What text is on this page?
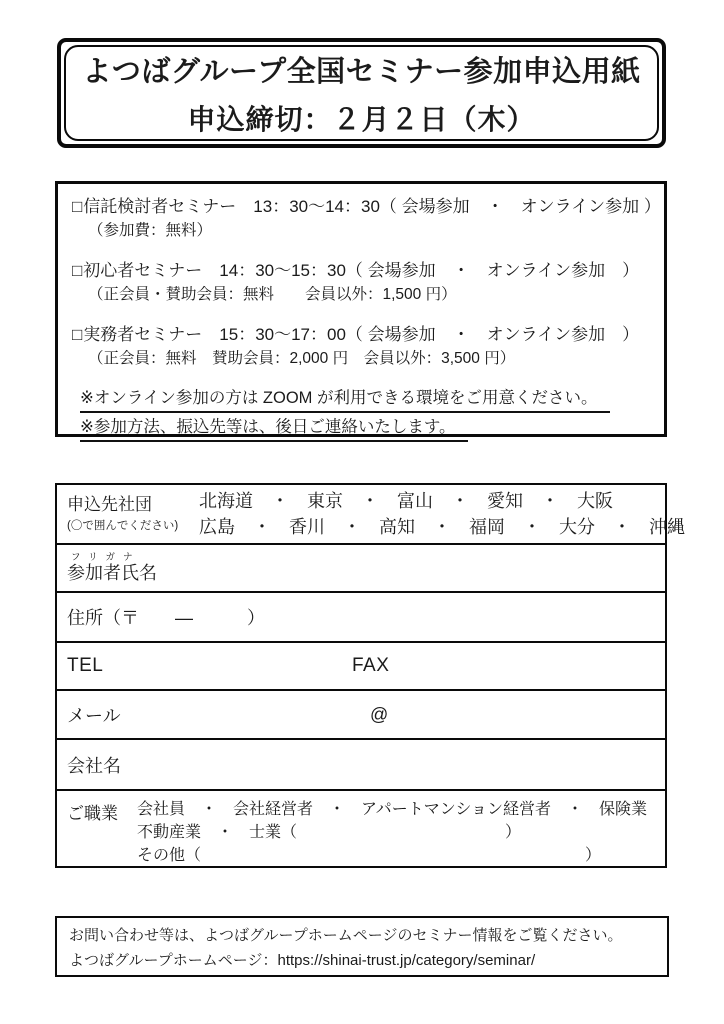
よつばグループ全国セミナー参加申込用紙
申込締切：２月２日（木）
□信託検討者セミナー　13：30～14：30（ 会場参加　・　オンライン参加 ）
（参加費：無料）
□初心者セミナー　14：30～15：30（ 会場参加　・　オンライン参加　）
（正会員・賛助会員：無料　　会員以外：1,500 円）
□実務者セミナー　15：30～17：00（ 会場参加　・　オンライン参加　）
（正会員：無料　賛助会員：2,000 円　会員以外：3,500 円）
※オンライン参加の方は ZOOM が利用できる環境をご用意ください。
※参加方法、振込先等は、後日ご連絡いたします。
申込先社団
(〇で囲んでください)
北海道　・　東京　・　富山　・　愛知　・　大阪
広島　・　香川　・　高知　・　福岡　・　大分　・　沖縄
フリガナ
参加者氏名
住所（〒　　―　　　）
TEL	FAX
メール	@
会社名
ご職業	会社員　・　会社経営者　・　アパートマンション経営者　・　保険業
不動産業　・　士業（　　　　　　　　　　　　　）
その他（　　　　　　　　　　　　　　　　　　　　　　　　）
お問い合わせ等は、よつばグループホームページのセミナー情報をご覧ください。
よつばグループホームページ：https://shinai-trust.jp/category/seminar/
